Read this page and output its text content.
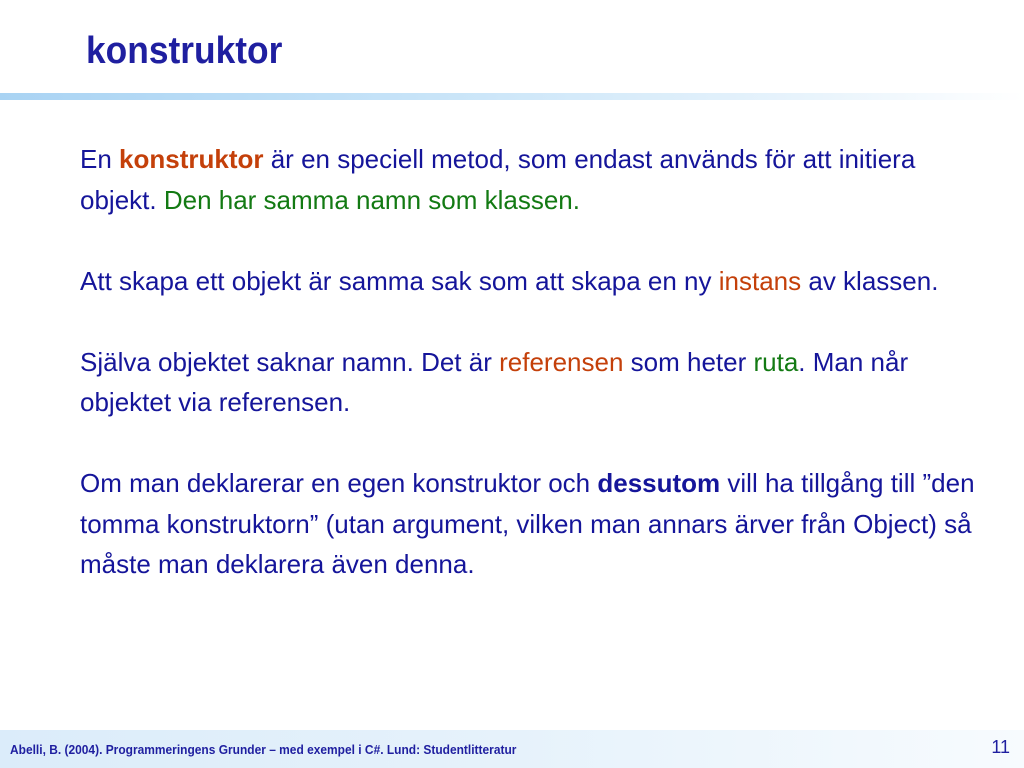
konstruktor

En konstruktor är en speciell metod, som endast används för att initiera objekt. Den har samma namn som klassen.

Att skapa ett objekt är samma sak som att skapa en ny instans av klassen.

Själva objektet saknar namn. Det är referensen som heter ruta. Man når objektet via referensen.

Om man deklarerar en egen konstruktor och dessutom vill ha tillgång till ”den tomma konstruktorn” (utan argument, vilken man annars ärver från Object) så måste man deklarera även denna.

Abelli, B. (2004). Programmeringens Grunder – med exempel i C#. Lund: Studentlitteratur	11
